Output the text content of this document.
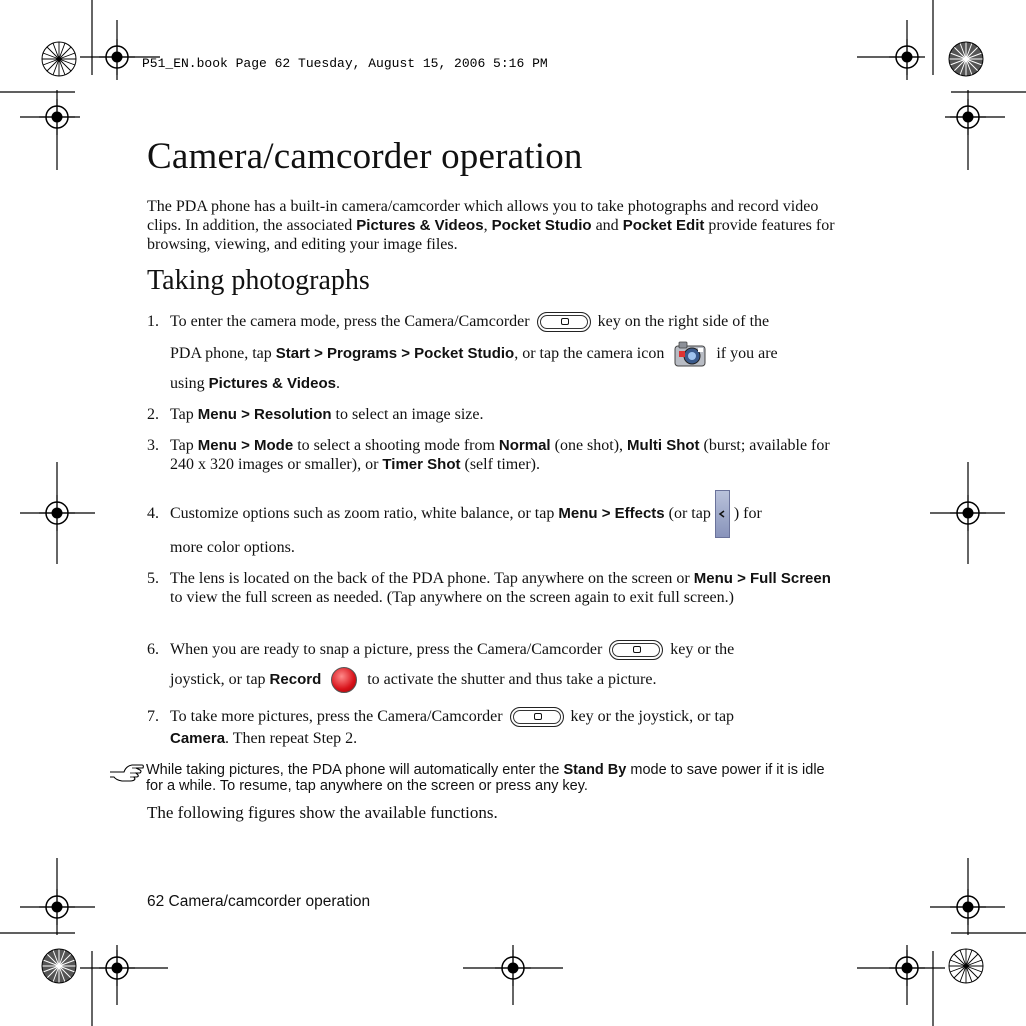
P51_EN.book Page 62 Tuesday, August 15, 2006 5:16 PM
Camera/camcorder operation
The PDA phone has a built-in camera/camcorder which allows you to take photographs and record video clips. In addition, the associated Pictures & Videos, Pocket Studio and Pocket Edit provide features for browsing, viewing, and editing your image files.
Taking photographs
1. To enter the camera mode, press the Camera/Camcorder	key on the right side of the
PDA phone, tap Start > Programs > Pocket Studio, or tap the camera icon	if you are
using Pictures & Videos.
2. Tap Menu > Resolution to select an image size.
3. Tap Menu > Mode to select a shooting mode from Normal (one shot), Multi Shot (burst; available for 240 x 320 images or smaller), or Timer Shot (self timer).
4. Customize options such as zoom ratio, white balance, or tap Menu > Effects (or tap ) for
more color options.
5. The lens is located on the back of the PDA phone. Tap anywhere on the screen or Menu > Full Screen to view the full screen as needed. (Tap anywhere on the screen again to exit full screen.)
6. When you are ready to snap a picture, press the Camera/Camcorder	key or the
joystick, or tap Record	to activate the shutter and thus take a picture.
7. To take more pictures, press the Camera/Camcorder	key or the joystick, or tap
Camera. Then repeat Step 2.
While taking pictures, the PDA phone will automatically enter the Stand By mode to save power if it is idle for a while. To resume, tap anywhere on the screen or press any key.
The following figures show the available functions.
62 Camera/camcorder operation
